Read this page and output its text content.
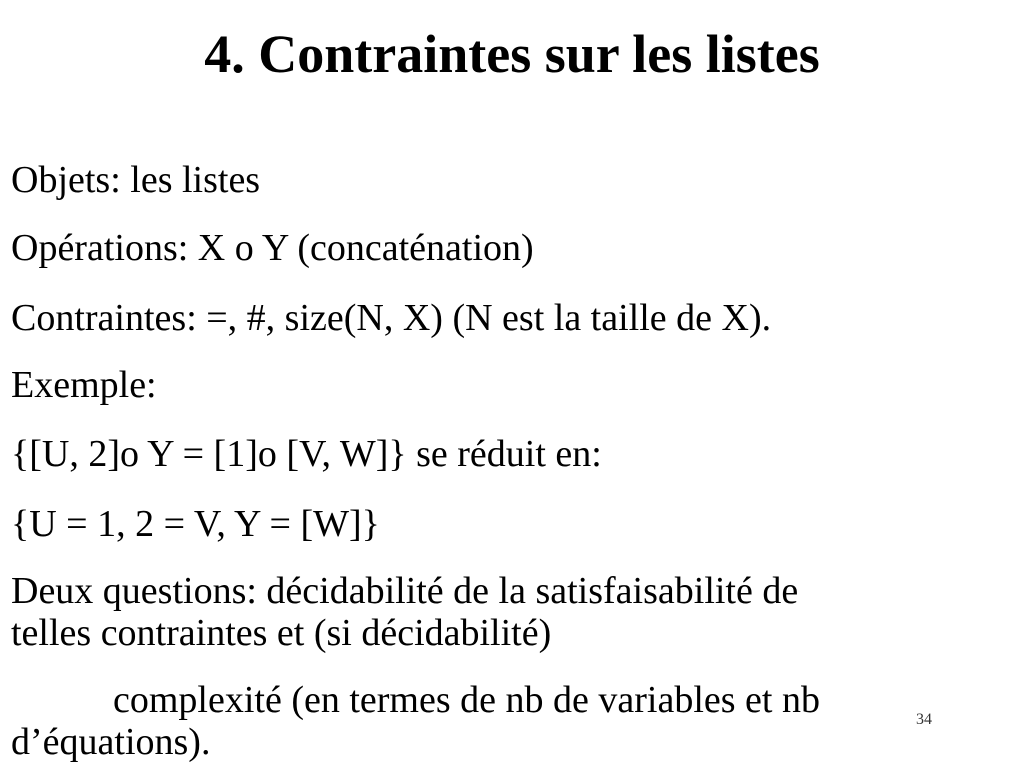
4. Contraintes sur les listes

Objets: les listes

Opérations: X o Y (concaténation)

Contraintes: =, #, size(N, X) (N est la taille de X).

Exemple:

{[U, 2]o Y = [1]o [V, W]} se réduit en:

{U = 1, 2 = V, Y = [W]}

Deux questions: décidabilité de la satisfaisabilité de

telles contraintes et (si décidabilité)

complexité (en termes de nb de variables et nb

d’équations).

34
